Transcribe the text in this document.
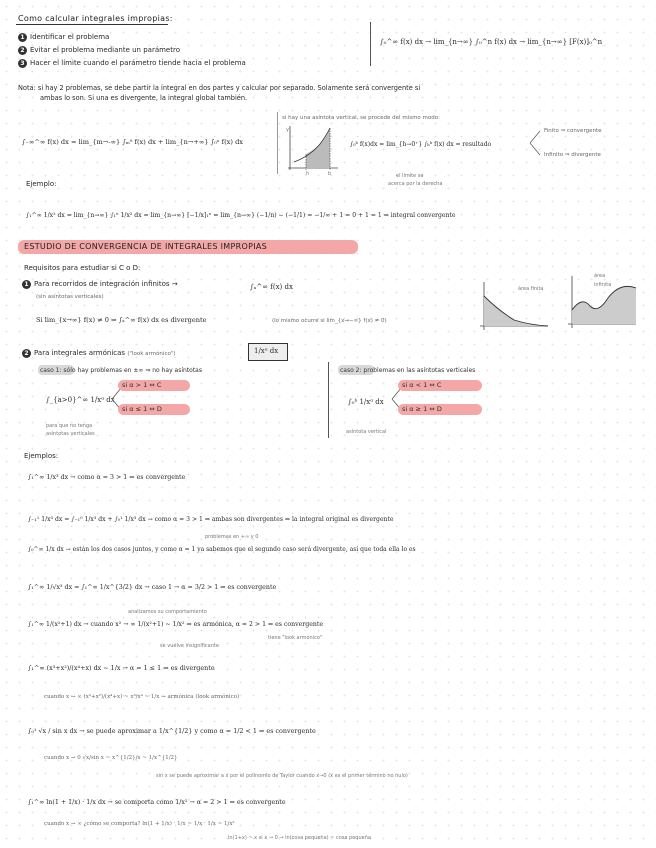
Como calcular integrales impropias:
1 Identificar el problema
2 Evitar el problema mediante un parámetro
3 Hacer el límite cuando el parámetro tiende hacia el problema
∫₀^∞ f(x) dx → lim_{n→∞} ∫₀^n f(x) dx → lim_{n→∞} [F(x)]₀^n
Nota: si hay 2 problemas, se debe partir la integral en dos partes y calcular por separado. Solamente será convergente si
ambas lo son. Si una es divergente, la integral global también.
∫₋∞^∞ f(x) dx = lim_{m→-∞} ∫ₘ⁰ f(x) dx + lim_{n→+∞} ∫₀ⁿ f(x) dx
si hay una asíntota vertical, se procede del mismo modo:
y
h	b
∫₀ᵇ f(x)dx = lim_{h→0⁺} ∫ₕᵇ f(x) dx = resultado
Finito ⇒ convergente
Infinito ⇒ divergente
el límite se
acerca por la derecha
Ejemplo:
∫₁^∞ 1/x² dx = lim_{n→∞} ∫₁ⁿ 1/x² dx = lim_{n→∞} [−1/x]₁ⁿ = lim_{n→∞} (−1/n) − (−1/1) = −1/∞ + 1 = 0 + 1 = 1 ⇒ integral convergente
ESTUDIO DE CONVERGENCIA DE INTEGRALES IMPROPIAS
Requisitos para estudiar si C o D:
1 Para recorridos de integración infinitos →	∫ₐ^∞ f(x) dx
(sin asíntotas verticales)
Si lim_{x→∞} f(x) ≠ 0 ⇒ ∫ₐ^∞ f(x) dx es divergente	(lo mismo ocurre si lim_{x→−∞} f(x) ≠ 0)
área finita
área infinita
2 Para integrales armónicas ("look armónico")	1/xᵅ dx
caso 1: sólo hay problemas en ±∞ ⇒ no hay asíntotas
∫_{a>0}^∞ 1/xᵅ dx
si α > 1 ⇔ C
si α ≤ 1 ⇔ D
para que no tenga
asíntotas verticales
caso 2: problemas en las asíntotas verticales
∫₀ᵇ 1/xᵅ dx
si α < 1 ⇔ C
si α ≥ 1 ⇔ D
asíntota vertical
Ejemplos:
∫₁^∞ 1/x³ dx → como α = 3 > 1 ⇒ es convergente
∫₋₁¹ 1/x³ dx = ∫₋₁⁰ 1/x³ dx + ∫₀¹ 1/x³ dx → como α = 3 > 1 ⇒ ambas son divergentes ⇒ la integral original es divergente
problemas en +∞ y 0
∫₀^∞ 1/x dx → están los dos casos juntos, y como α = 1 ya sabemos que el segundo caso será divergente, así que toda ella lo es
∫₁^∞ 1/√x³ dx = ∫₁^∞ 1/x^{3/2} dx → caso 1 → α = 3/2 > 1 ⇒ es convergente
analizamos su comportamiento
∫₁^∞ 1/(x²+1) dx → cuando x² → ∞ 1/(x²+1) ~ 1/x² ⇒ es armónica, α = 2 > 1 ⇒ es convergente
se vuelve insignificante
tiene "look armónico"
∫₁^∞ (x³+x²)/(x⁴+x) dx ~ 1/x → α = 1 ≤ 1 ⇒ es divergente
cuando x → ∞ (x³+x²)/(x⁴+x) ~ x³/x⁴ ~ 1/x → armónica (look armónico)
∫₀¹ √x / sin x dx → se puede aproximar a 1/x^{1/2} y como α = 1/2 < 1 ⇒ es convergente
cuando x → 0 √x/sin x ~ x^{1/2}/x ~ 1/x^{1/2}
sin x se puede aproximar a x por el polinomio de Taylor cuando x→0 (x es el primer término no nulo)
∫₁^∞ ln(1 + 1/x) · 1/x dx → se comporta como 1/x² → α = 2 > 1 ⇒ es convergente
cuando x → ∞ ¿cómo se comporta? ln(1 + 1/x) · 1/x ~ 1/x · 1/x ~ 1/x²
ln(1+x) ~ x si x → 0 → ln(cosa pequeña) ~ cosa pequeña
